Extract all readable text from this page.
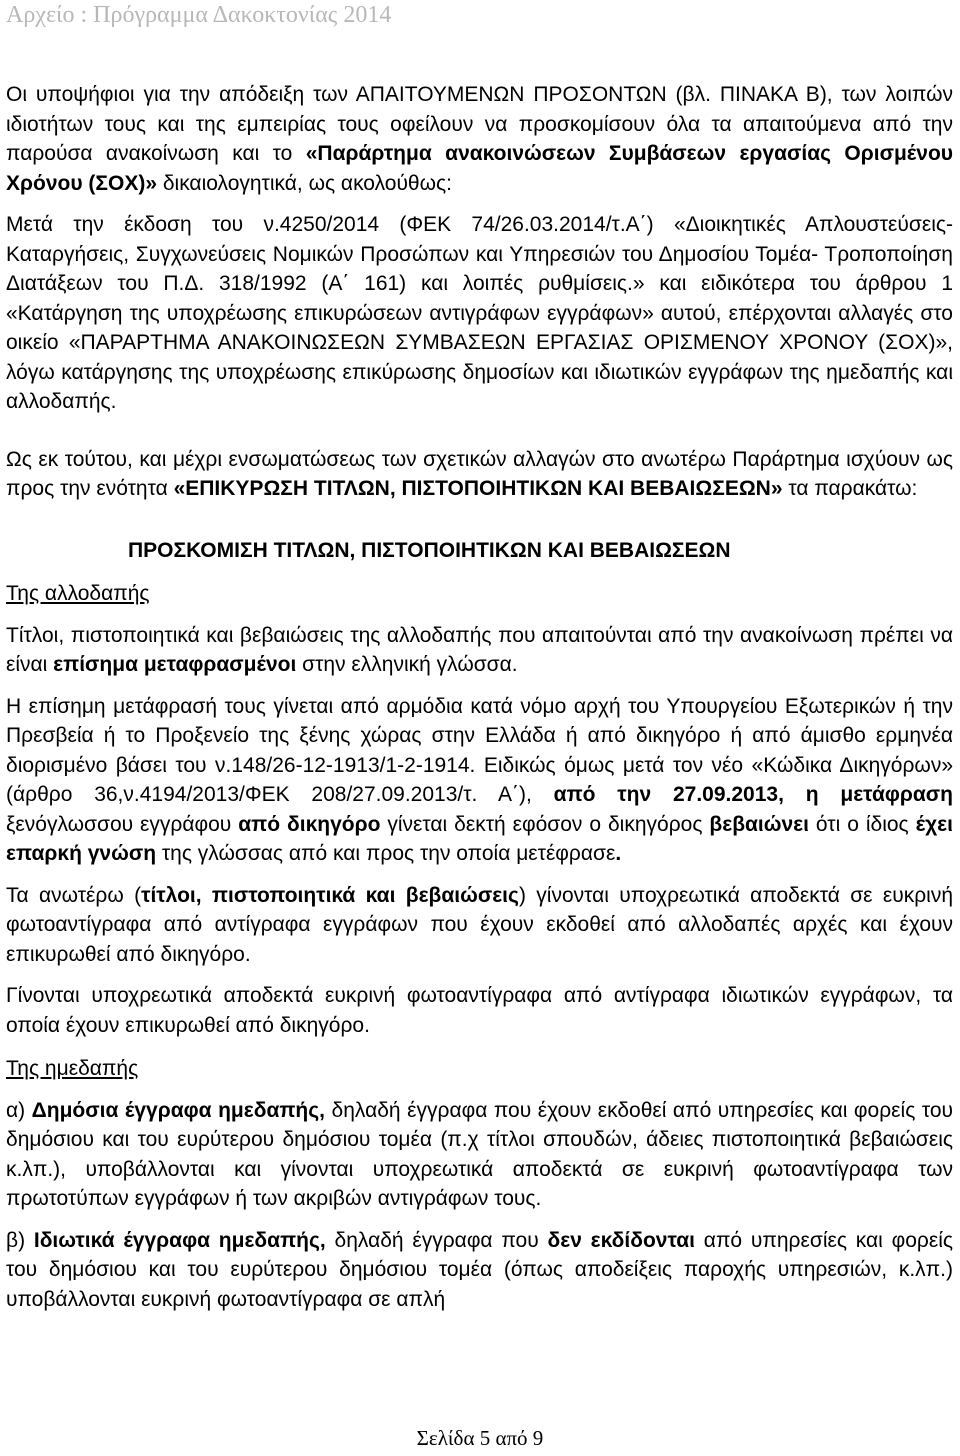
Αρχείο : Πρόγραμμα Δακοκτονίας 2014

Οι υποψήφιοι για την απόδειξη των ΑΠΑΙΤΟΥΜΕΝΩΝ ΠΡΟΣΟΝΤΩΝ (βλ. ΠΙΝΑΚΑ Β), των λοιπών ιδιοτήτων τους και της εμπειρίας τους οφείλουν να προσκομίσουν όλα τα απαιτούμενα από την παρούσα ανακοίνωση και το «Παράρτημα ανακοινώσεων Συμβάσεων εργασίας Ορισμένου Χρόνου (ΣΟΧ)» δικαιολογητικά, ως ακολούθως:

Μετά την έκδοση του ν.4250/2014 (ΦΕΚ 74/26.03.2014/τ.Α΄) «Διοικητικές Απλουστεύσεις-Καταργήσεις, Συγχωνεύσεις Νομικών Προσώπων και Υπηρεσιών του Δημοσίου Τομέα- Τροποποίηση Διατάξεων του Π.Δ. 318/1992 (Α΄ 161) και λοιπές ρυθμίσεις.» και ειδικότερα του άρθρου 1 «Κατάργηση της υποχρέωσης επικυρώσεων αντιγράφων εγγράφων» αυτού, επέρχονται αλλαγές στο οικείο «ΠΑΡΑΡΤΗΜΑ ΑΝΑΚΟΙΝΩΣΕΩΝ ΣΥΜΒΑΣΕΩΝ ΕΡΓΑΣΙΑΣ ΟΡΙΣΜΕΝΟΥ ΧΡΟΝΟΥ (ΣΟΧ)», λόγω κατάργησης της υποχρέωσης επικύρωσης δημοσίων και ιδιωτικών εγγράφων της ημεδαπής και αλλοδαπής.

Ως εκ τούτου, και μέχρι ενσωματώσεως των σχετικών αλλαγών στο ανωτέρω Παράρτημα ισχύουν ως προς την ενότητα «ΕΠΙΚΥΡΩΣΗ ΤΙΤΛΩΝ, ΠΙΣΤΟΠΟΙΗΤΙΚΩΝ ΚΑΙ ΒΕΒΑΙΩΣΕΩΝ» τα παρακάτω:

ΠΡΟΣΚΟΜΙΣΗ ΤΙΤΛΩΝ, ΠΙΣΤΟΠΟΙΗΤΙΚΩΝ ΚΑΙ ΒΕΒΑΙΩΣΕΩΝ
Της αλλοδαπής

Τίτλοι, πιστοποιητικά και βεβαιώσεις της αλλοδαπής που απαιτούνται από την ανακοίνωση πρέπει να είναι επίσημα μεταφρασμένοι στην ελληνική γλώσσα.

Η επίσημη μετάφρασή τους γίνεται από αρμόδια κατά νόμο αρχή του Υπουργείου Εξωτερικών ή την Πρεσβεία ή το Προξενείο της ξένης χώρας στην Ελλάδα ή από δικηγόρο ή από άμισθο ερμηνέα διορισμένο βάσει του ν.148/26-12-1913/1-2-1914. Ειδικώς όμως μετά τον νέο «Κώδικα Δικηγόρων» (άρθρο 36,ν.4194/2013/ΦΕΚ 208/27.09.2013/τ. Α΄), από την 27.09.2013, η μετάφραση ξενόγλωσσου εγγράφου από δικηγόρο γίνεται δεκτή εφόσον ο δικηγόρος βεβαιώνει ότι ο ίδιος έχει επαρκή γνώση της γλώσσας από και προς την οποία μετέφρασε.

Τα ανωτέρω (τίτλοι, πιστοποιητικά και βεβαιώσεις) γίνονται υποχρεωτικά αποδεκτά σε ευκρινή φωτοαντίγραφα από αντίγραφα εγγράφων που έχουν εκδοθεί από αλλοδαπές αρχές και έχουν επικυρωθεί από δικηγόρο.

Γίνονται υποχρεωτικά αποδεκτά ευκρινή φωτοαντίγραφα από αντίγραφα ιδιωτικών εγγράφων, τα οποία έχουν επικυρωθεί από δικηγόρο.

Της ημεδαπής

α) Δημόσια έγγραφα ημεδαπής, δηλαδή έγγραφα που έχουν εκδοθεί από υπηρεσίες και φορείς του δημόσιου και του ευρύτερου δημόσιου τομέα (π.χ τίτλοι σπουδών, άδειες πιστοποιητικά βεβαιώσεις κ.λπ.), υποβάλλονται και γίνονται υποχρεωτικά αποδεκτά σε ευκρινή φωτοαντίγραφα των πρωτοτύπων εγγράφων ή των ακριβών αντιγράφων τους.

β) Ιδιωτικά έγγραφα ημεδαπής, δηλαδή έγγραφα που δεν εκδίδονται από υπηρεσίες και φορείς του δημόσιου και του ευρύτερου δημόσιου τομέα (όπως αποδείξεις παροχής υπηρεσιών, κ.λπ.) υποβάλλονται ευκρινή φωτοαντίγραφα σε απλή

Σελίδα 5 από 9
